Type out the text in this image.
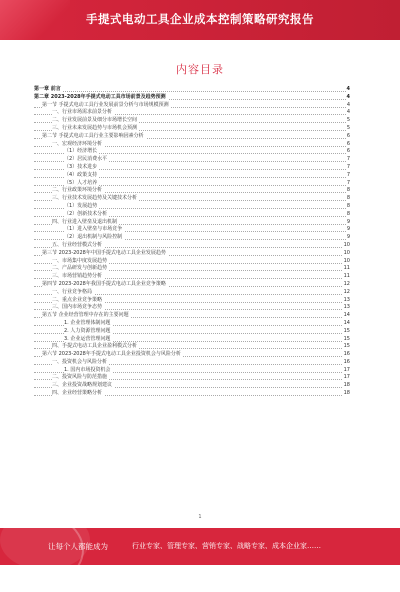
手提式电动工具企业成本控制策略研究报告
内容目录
第一章 前言	4
第二章 2023-2028年手提式电动工具市场前景及趋势预测	4
第一节 手提式电动工具行业发展前景分析与市场规模预测	4
一、行业市场需求前景分析	4
二、行业发展前景及细分市场增长空间	5
三、行业未来发展趋势与市场机会预测	5
第二节 手提式电动工具行业主要影响因素分析	6
一、宏观经济环境分析	6
（1）经济增长	6
（2）居民消费水平	7
（3）技术进步	7
（4）政策支持	7
（5）人才培养	7
二、行业政策环境分析	8
三、行业技术发展趋势及关键技术分析	8
（1）发展趋势	8
（2）创新技术分析	8
四、行业进入壁垒及退出机制	9
（1）进入壁垒与市场竞争	9
（2）退出机制与风险控制	9
五、行业经营模式分析	10
第三节 2023-2028年中国手提式电动工具企业发展趋势	10
一、市场集中度发展趋势	10
二、产品研发与创新趋势	11
三、市场营销趋势分析	11
第四节 2023-2028年我国手提式电动工具企业竞争策略	12
一、行业竞争格局	12
二、重点企业竞争策略	13
三、国内市场竞争态势	13
第五节 企业经营管理中存在的主要问题	14
1. 企业管理体制问题	14
2. 人力资源管理问题	15
3. 企业运营管理问题	15
四、手提式电动工具企业盈利模式分析	15
第六节 2023-2028年手提式电动工具企业投资机会与风险分析	16
一、投资机会与风险分析	16
1. 国内市场投资机会	17
二、投资风险与防范措施	17
三、企业投资战略规划建议	18
四、企业经营策略分析	18
1
让每个人都能成为	行业专家、管理专家、营销专家、战略专家、成本企业家……
